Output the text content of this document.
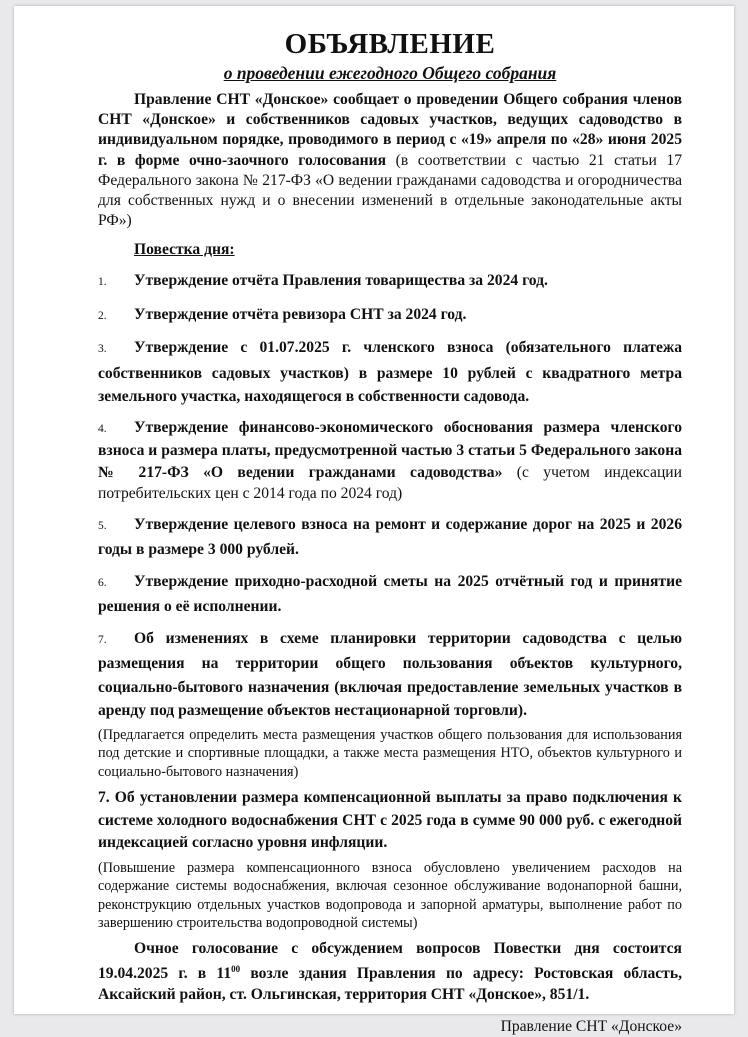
ОБЪЯВЛЕНИЕ
о проведении ежегодного Общего собрания

Правление СНТ «Донское» сообщает о проведении Общего собрания членов СНТ «Донское» и собственников садовых участков, ведущих садоводство в индивидуальном порядке, проводимого в период с «19» апреля по «28» июня 2025 г. в форме очно-заочного голосования (в соответствии с частью 21 статьи 17 Федерального закона № 217-ФЗ «О ведении гражданами садоводства и огородничества для собственных нужд и о внесении изменений в отдельные законодательные акты РФ»)

Повестка дня:

1. Утверждение отчёта Правления товарищества за 2024 год.

2. Утверждение отчёта ревизора СНТ за 2024 год.

3. Утверждение с 01.07.2025 г. членского взноса (обязательного платежа собственников садовых участков) в размере 10 рублей с квадратного метра земельного участка, находящегося в собственности садовода.

4. Утверждение финансово-экономического обоснования размера членского взноса и размера платы, предусмотренной частью 3 статьи 5 Федерального закона № 217-ФЗ «О ведении гражданами садоводства» (с учетом индексации потребительских цен с 2014 года по 2024 год)

5. Утверждение целевого взноса на ремонт и содержание дорог на 2025 и 2026 годы в размере 3 000 рублей.

6. Утверждение приходно-расходной сметы на 2025 отчётный год и принятие решения о её исполнении.

7. Об изменениях в схеме планировки территории садоводства с целью размещения на территории общего пользования объектов культурного, социально-бытового назначения (включая предоставление земельных участков в аренду под размещение объектов нестационарной торговли).

(Предлагается определить места размещения участков общего пользования для использования под детские и спортивные площадки, а также места размещения НТО, объектов культурного и социально-бытового назначения)

7. Об установлении размера компенсационной выплаты за право подключения к системе холодного водоснабжения СНТ с 2025 года в сумме 90 000 руб. с ежегодной индексацией согласно уровня инфляции.

(Повышение размера компенсационного взноса обусловлено увеличением расходов на содержание системы водоснабжения, включая сезонное обслуживание водонапорной башни, реконструкцию отдельных участков водопровода и запорной арматуры, выполнение работ по завершению строительства водопроводной системы)

Очное голосование с обсуждением вопросов Повестки дня состоится 19.04.2025 г. в $11^{00}$ возле здания Правления по адресу: Ростовская область, Аксайский район, ст. Ольгинская, территория СНТ «Донское», 851/1.

Правление СНТ «Донское»
